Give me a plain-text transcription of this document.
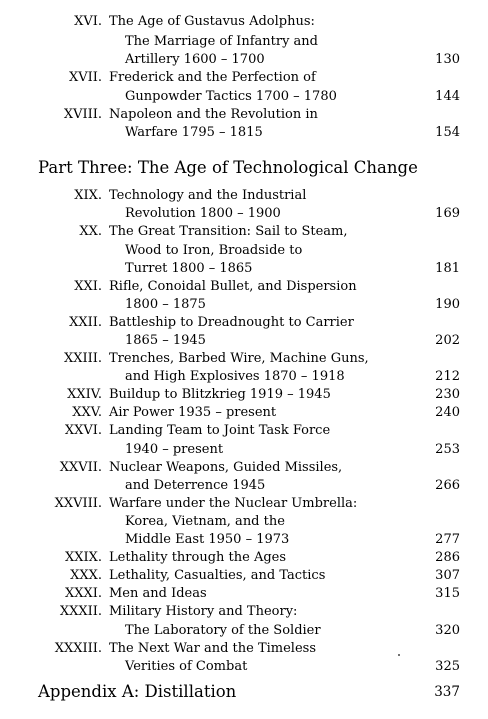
XVI. The Age of Gustavus Adolphus:
The Marriage of Infantry and
Artillery 1600 – 1700	130
XVII. Frederick and the Perfection of
Gunpowder Tactics 1700 – 1780	144
XVIII. Napoleon and the Revolution in
Warfare 1795 – 1815	154
Part Three: The Age of Technological Change
XIX. Technology and the Industrial
Revolution 1800 – 1900	169
XX. The Great Transition: Sail to Steam,
Wood to Iron, Broadside to
Turret 1800 – 1865	181
XXI. Rifle, Conoidal Bullet, and Dispersion
1800 – 1875	190
XXII. Battleship to Dreadnought to Carrier
1865 – 1945	202
XXIII. Trenches, Barbed Wire, Machine Guns,
and High Explosives 1870 – 1918	212
XXIV. Buildup to Blitzkrieg 1919 – 1945	230
XXV. Air Power 1935 – present	240
XXVI. Landing Team to Joint Task Force
1940 – present	253
XXVII. Nuclear Weapons, Guided Missiles,
and Deterrence 1945	266
XXVIII. Warfare under the Nuclear Umbrella:
Korea, Vietnam, and the
Middle East 1950 – 1973	277
XXIX. Lethality through the Ages	286
XXX. Lethality, Casualties, and Tactics	307
XXXI. Men and Ideas	315
XXXII. Military History and Theory:
The Laboratory of the Soldier	320
XXXIII. The Next War and the Timeless
Verities of Combat	325
Appendix A: Distillation	337
